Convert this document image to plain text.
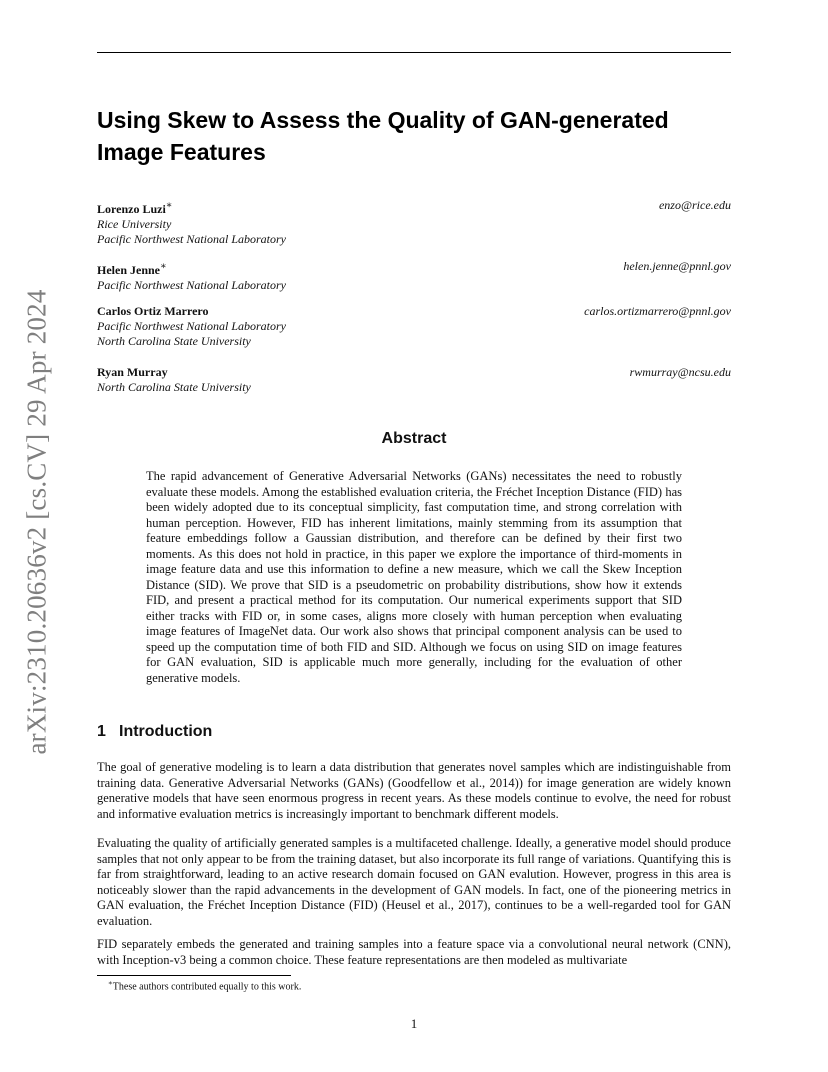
arXiv:2310.20636v2 [cs.CV] 29 Apr 2024
Using Skew to Assess the Quality of GAN-generated Image Features
Lorenzo Luzi∗
Rice University
Pacific Northwest National Laboratory
enzo@rice.edu
Helen Jenne∗
Pacific Northwest National Laboratory
helen.jenne@pnnl.gov
Carlos Ortiz Marrero
Pacific Northwest National Laboratory
North Carolina State University
carlos.ortizmarrero@pnnl.gov
Ryan Murray
North Carolina State University
rwmurray@ncsu.edu
Abstract

The rapid advancement of Generative Adversarial Networks (GANs) necessitates the need to robustly evaluate these models. Among the established evaluation criteria, the Fréchet Inception Distance (FID) has been widely adopted due to its conceptual simplicity, fast computation time, and strong correlation with human perception. However, FID has inherent limitations, mainly stemming from its assumption that feature embeddings follow a Gaussian distribution, and therefore can be defined by their first two moments. As this does not hold in practice, in this paper we explore the importance of third-moments in image feature data and use this information to define a new measure, which we call the Skew Inception Distance (SID). We prove that SID is a pseudometric on probability distributions, show how it extends FID, and present a practical method for its computation. Our numerical experiments support that SID either tracks with FID or, in some cases, aligns more closely with human perception when evaluating image features of ImageNet data. Our work also shows that principal component analysis can be used to speed up the computation time of both FID and SID. Although we focus on using SID on image features for GAN evaluation, SID is applicable much more generally, including for the evaluation of other generative models.

1 Introduction

The goal of generative modeling is to learn a data distribution that generates novel samples which are indistinguishable from training data. Generative Adversarial Networks (GANs) (Goodfellow et al., 2014)) for image generation are widely known generative models that have seen enormous progress in recent years. As these models continue to evolve, the need for robust and informative evaluation metrics is increasingly important to benchmark different models.

Evaluating the quality of artificially generated samples is a multifaceted challenge. Ideally, a generative model should produce samples that not only appear to be from the training dataset, but also incorporate its full range of variations. Quantifying this is far from straightforward, leading to an active research domain focused on GAN evalution. However, progress in this area is noticeably slower than the rapid advancements in the development of GAN models. In fact, one of the pioneering metrics in GAN evaluation, the Fréchet Inception Distance (FID) (Heusel et al., 2017), continues to be a well-regarded tool for GAN evaluation.

FID separately embeds the generated and training samples into a feature space via a convolutional neural network (CNN), with Inception-v3 being a common choice. These feature representations are then modeled as multivariate

∗These authors contributed equally to this work.

1
